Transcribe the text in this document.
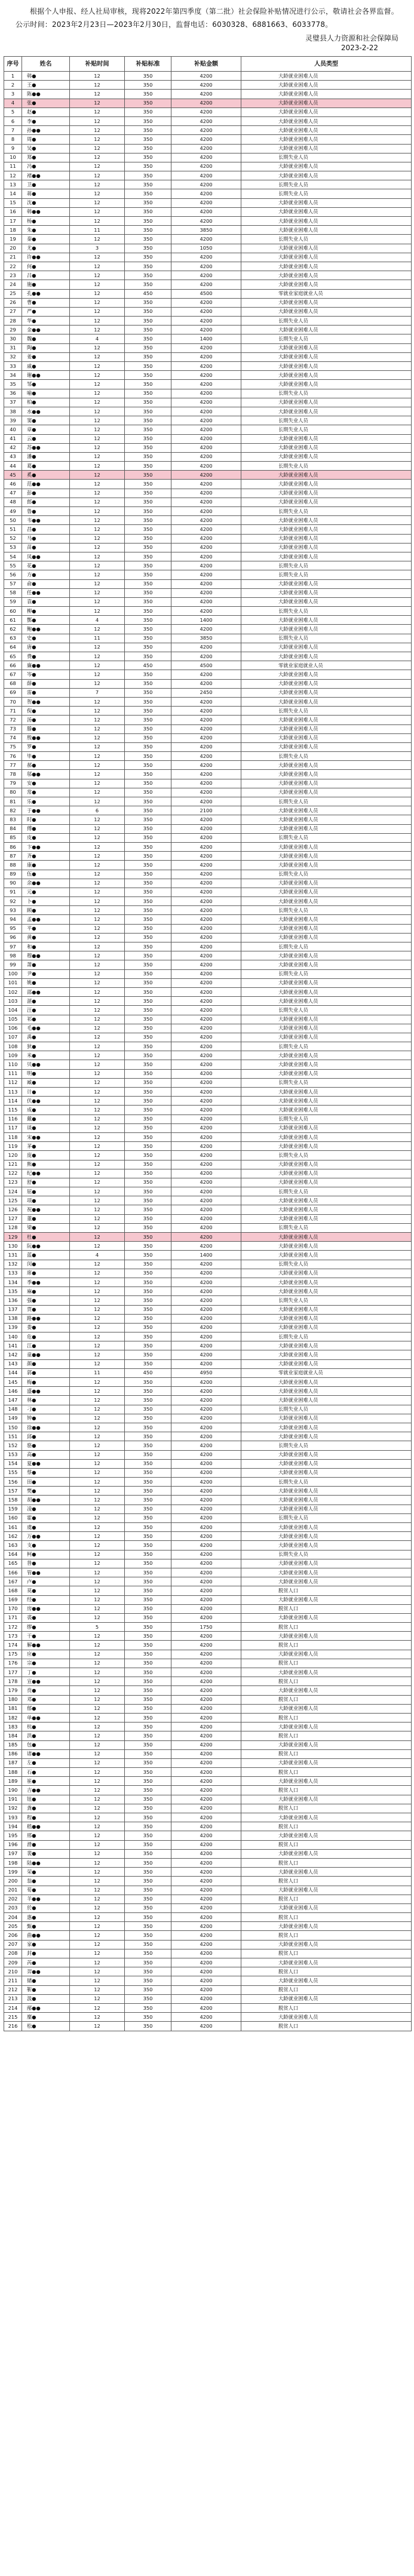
根据个人申报、经人社局审核，现将2022年第四季度（第二批）社会保险补贴情况进行公示，敬请社会各界监督。公示时间：2023年2月23日—2023年2月30日，监督电话：6030328、6881663、6033778。

灵璧县人力资源和社会保障局
2023-2-22
序号	姓名	补贴时间	补贴标准	补贴金额	人员类型
1	韩●	12	350	4200	大龄就业困难人员
2	王●	12	350	4200	大龄就业困难人员
3	陈●●	12	350	4200	大龄就业困难人员
4	张●	12	350	4200	大龄就业困难人员
5	赵●	12	350	4200	大龄就业困难人员
6	李●	12	350	4200	大龄就业困难人员
7	孙●●	12	350	4200	大龄就业困难人员
8	周●	12	350	4200	大龄就业困难人员
9	吴●	12	350	4200	大龄就业困难人员
10	郑●	12	350	4200	长期失业人员
11	冯●	12	350	4200	大龄就业困难人员
12	褚●●	12	350	4200	大龄就业困难人员
13	卫●	12	350	4200	长期失业人员
14	蒋●	12	350	4200	长期失业人员
15	沈●	12	350	4200	大龄就业困难人员
16	韩●●	12	350	4200	大龄就业困难人员
17	杨●	12	350	4200	大龄就业困难人员
18	朱●	11	350	3850	大龄就业困难人员
19	秦●	12	350	4200	长期失业人员
20	尤●	3	350	1050	大龄就业困难人员
21	许●●	12	350	4200	大龄就业困难人员
22	何●	12	350	4200	大龄就业困难人员
23	吕●	12	350	4200	大龄就业困难人员
24	施●	12	350	4200	大龄就业困难人员
25	孔●●	12	450	4500	零就业家庭就业人员
26	曹●	12	350	4200	大龄就业困难人员
27	严●	12	350	4200	大龄就业困难人员
28	华●	12	350	4200	长期失业人员
29	金●●	12	350	4200	大龄就业困难人员
30	魏●	4	350	1400	长期失业人员
31	陶●	12	350	4200	大龄就业困难人员
32	姜●	12	350	4200	大龄就业困难人员
33	戚●	12	350	4200	大龄就业困难人员
34	谢●●	12	350	4200	大龄就业困难人员
35	邹●	12	350	4200	大龄就业困难人员
36	喻●	12	350	4200	长期失业人员
37	柏●	12	350	4200	大龄就业困难人员
38	水●●	12	350	4200	大龄就业困难人员
39	窦●	12	350	4200	长期失业人员
40	章●	12	350	4200	长期失业人员
41	云●	12	350	4200	大龄就业困难人员
42	苏●●	12	350	4200	大龄就业困难人员
43	潘●	12	350	4200	大龄就业困难人员
44	葛●	12	350	4200	长期失业人员
45	奚●	12	350	4200	大龄就业困难人员
46	范●●	12	350	4200	大龄就业困难人员
47	彭●	12	350	4200	大龄就业困难人员
48	郎●	12	350	4200	大龄就业困难人员
49	鲁●	12	350	4200	长期失业人员
50	韦●●	12	350	4200	大龄就业困难人员
51	昌●	12	350	4200	大龄就业困难人员
52	马●	12	350	4200	大龄就业困难人员
53	苗●	12	350	4200	大龄就业困难人员
54	凤●●	12	350	4200	大龄就业困难人员
55	花●	12	350	4200	长期失业人员
56	方●	12	350	4200	长期失业人员
57	俞●	12	350	4200	大龄就业困难人员
58	任●●	12	350	4200	大龄就业困难人员
59	袁●	12	350	4200	大龄就业困难人员
60	柳●	12	350	4200	长期失业人员
61	酆●	4	350	1400	大龄就业困难人员
62	鲍●●	12	350	4200	大龄就业困难人员
63	史●	11	350	3850	长期失业人员
64	唐●	12	350	4200	大龄就业困难人员
65	费●	12	350	4200	大龄就业困难人员
66	廉●●	12	450	4500	零就业家庭就业人员
67	岑●	12	350	4200	大龄就业困难人员
68	薛●	12	350	4200	大龄就业困难人员
69	雷●	7	350	2450	大龄就业困难人员
70	贺●●	12	350	4200	大龄就业困难人员
71	倪●	12	350	4200	长期失业人员
72	汤●	12	350	4200	大龄就业困难人员
73	滕●	12	350	4200	大龄就业困难人员
74	殷●●	12	350	4200	大龄就业困难人员
75	罗●	12	350	4200	大龄就业困难人员
76	毕●	12	350	4200	长期失业人员
77	郝●	12	350	4200	大龄就业困难人员
78	邬●●	12	350	4200	大龄就业困难人员
79	安●	12	350	4200	大龄就业困难人员
80	常●	12	350	4200	大龄就业困难人员
81	乐●	12	350	4200	长期失业人员
82	于●●	6	350	2100	大龄就业困难人员
83	时●	12	350	4200	大龄就业困难人员
84	傅●	12	350	4200	大龄就业困难人员
85	皮●	12	350	4200	长期失业人员
86	卞●●	12	350	4200	大龄就业困难人员
87	齐●	12	350	4200	大龄就业困难人员
88	康●	12	350	4200	大龄就业困难人员
89	伍●	12	350	4200	长期失业人员
90	余●●	12	350	4200	大龄就业困难人员
91	元●	12	350	4200	大龄就业困难人员
92	卜●	12	350	4200	大龄就业困难人员
93	顾●	12	350	4200	长期失业人员
94	孟●●	12	350	4200	大龄就业困难人员
95	平●	12	350	4200	大龄就业困难人员
96	黄●	12	350	4200	大龄就业困难人员
97	和●	12	350	4200	长期失业人员
98	穆●●	12	350	4200	大龄就业困难人员
99	萧●	12	350	4200	大龄就业困难人员
100	尹●	12	350	4200	长期失业人员
101	姚●	12	350	4200	大龄就业困难人员
102	邵●●	12	350	4200	大龄就业困难人员
103	湛●	12	350	4200	大龄就业困难人员
104	汪●	12	350	4200	长期失业人员
105	祁●	12	350	4200	大龄就业困难人员
106	毛●●	12	350	4200	大龄就业困难人员
107	禹●	12	350	4200	大龄就业困难人员
108	狄●	12	350	4200	长期失业人员
109	米●	12	350	4200	大龄就业困难人员
110	贝●●	12	350	4200	大龄就业困难人员
111	明●	12	350	4200	大龄就业困难人员
112	臧●	12	350	4200	长期失业人员
113	计●	12	350	4200	大龄就业困难人员
114	伏●●	12	350	4200	大龄就业困难人员
115	成●	12	350	4200	大龄就业困难人员
116	戴●	12	350	4200	长期失业人员
117	谈●	12	350	4200	大龄就业困难人员
118	宋●●	12	350	4200	大龄就业困难人员
119	茅●	12	350	4200	大龄就业困难人员
120	庞●	12	350	4200	长期失业人员
121	熊●	12	350	4200	大龄就业困难人员
122	纪●●	12	350	4200	大龄就业困难人员
123	舒●	12	350	4200	大龄就业困难人员
124	屈●	12	350	4200	长期失业人员
125	项●	12	350	4200	大龄就业困难人员
126	祝●●	12	350	4200	大龄就业困难人员
127	董●	12	350	4200	大龄就业困难人员
128	梁●	12	350	4200	长期失业人员
129	杜●	12	350	4200	大龄就业困难人员
130	阮●●	12	350	4200	大龄就业困难人员
131	蓝●	4	350	1400	大龄就业困难人员
132	闵●	12	350	4200	长期失业人员
133	席●	12	350	4200	大龄就业困难人员
134	季●●	12	350	4200	大龄就业困难人员
135	麻●	12	350	4200	大龄就业困难人员
136	强●	12	350	4200	长期失业人员
137	贾●	12	350	4200	大龄就业困难人员
138	路●●	12	350	4200	大龄就业困难人员
139	娄●	12	350	4200	大龄就业困难人员
140	危●	12	350	4200	长期失业人员
141	江●	12	350	4200	大龄就业困难人员
142	童●●	12	350	4200	大龄就业困难人员
143	颜●	12	350	4200	大龄就业困难人员
144	郭●	11	450	4950	零就业家庭就业人员
145	梅●	12	350	4200	大龄就业困难人员
146	盛●●	12	350	4200	大龄就业困难人员
147	林●	12	350	4200	大龄就业困难人员
148	刁●	12	350	4200	长期失业人员
149	钟●	12	350	4200	大龄就业困难人员
150	徐●●	12	350	4200	大龄就业困难人员
151	邱●	12	350	4200	大龄就业困难人员
152	骆●	12	350	4200	长期失业人员
153	高●	12	350	4200	大龄就业困难人员
154	夏●●	12	350	4200	大龄就业困难人员
155	蔡●	12	350	4200	大龄就业困难人员
156	田●	12	350	4200	长期失业人员
157	樊●	12	350	4200	大龄就业困难人员
158	胡●●	12	350	4200	大龄就业困难人员
159	凌●	12	350	4200	大龄就业困难人员
160	霍●	12	350	4200	长期失业人员
161	虞●	12	350	4200	大龄就业困难人员
162	万●●	12	350	4200	大龄就业困难人员
163	支●	12	350	4200	大龄就业困难人员
164	柯●	12	350	4200	长期失业人员
165	昝●	12	350	4200	大龄就业困难人员
166	管●●	12	350	4200	大龄就业困难人员
167	卢●	12	350	4200	大龄就业困难人员
168	莫●	12	350	4200	脱贫人口
169	经●	12	350	4200	大龄就业困难人员
170	房●●	12	350	4200	脱贫人口
171	裘●	12	350	4200	大龄就业困难人员
172	缪●	5	350	1750	脱贫人口
173	干●	12	350	4200	大龄就业困难人员
174	解●●	12	350	4200	脱贫人口
175	应●	12	350	4200	大龄就业困难人员
176	宗●	12	350	4200	脱贫人口
177	丁●	12	350	4200	大龄就业困难人员
178	宣●●	12	350	4200	脱贫人口
179	贲●	12	350	4200	大龄就业困难人员
180	邓●	12	350	4200	脱贫人口
181	郁●	12	350	4200	大龄就业困难人员
182	单●●	12	350	4200	脱贫人口
183	杭●	12	350	4200	大龄就业困难人员
184	洪●	12	350	4200	脱贫人口
185	包●	12	350	4200	大龄就业困难人员
186	诸●●	12	350	4200	脱贫人口
187	左●	12	350	4200	大龄就业困难人员
188	石●	12	350	4200	脱贫人口
189	崔●	12	350	4200	大龄就业困难人员
190	吉●●	12	350	4200	脱贫人口
191	钮●	12	350	4200	大龄就业困难人员
192	龚●	12	350	4200	脱贫人口
193	程●	12	350	4200	大龄就业困难人员
194	嵇●●	12	350	4200	脱贫人口
195	邢●	12	350	4200	大龄就业困难人员
196	滑●	12	350	4200	脱贫人口
197	裴●	12	350	4200	大龄就业困难人员
198	陆●●	12	350	4200	脱贫人口
199	荣●	12	350	4200	大龄就业困难人员
200	翁●	12	350	4200	脱贫人口
201	荀●	12	350	4200	大龄就业困难人员
202	羊●●	12	350	4200	脱贫人口
203	於●	12	350	4200	大龄就业困难人员
204	惠●	12	350	4200	脱贫人口
205	甄●	12	350	4200	大龄就业困难人员
206	曲●●	12	350	4200	脱贫人口
207	家●	12	350	4200	大龄就业困难人员
208	封●	12	350	4200	脱贫人口
209	芮●	12	350	4200	大龄就业困难人员
210	羿●●	12	350	4200	脱贫人口
211	储●	12	350	4200	大龄就业困难人员
212	靳●	12	350	4200	脱贫人口
213	汲●	12	350	4200	大龄就业困难人员
214	邴●●	12	350	4200	脱贫人口
215	糜●	12	350	4200	大龄就业困难人员
216	松●	12	350	4200	脱贫人口
